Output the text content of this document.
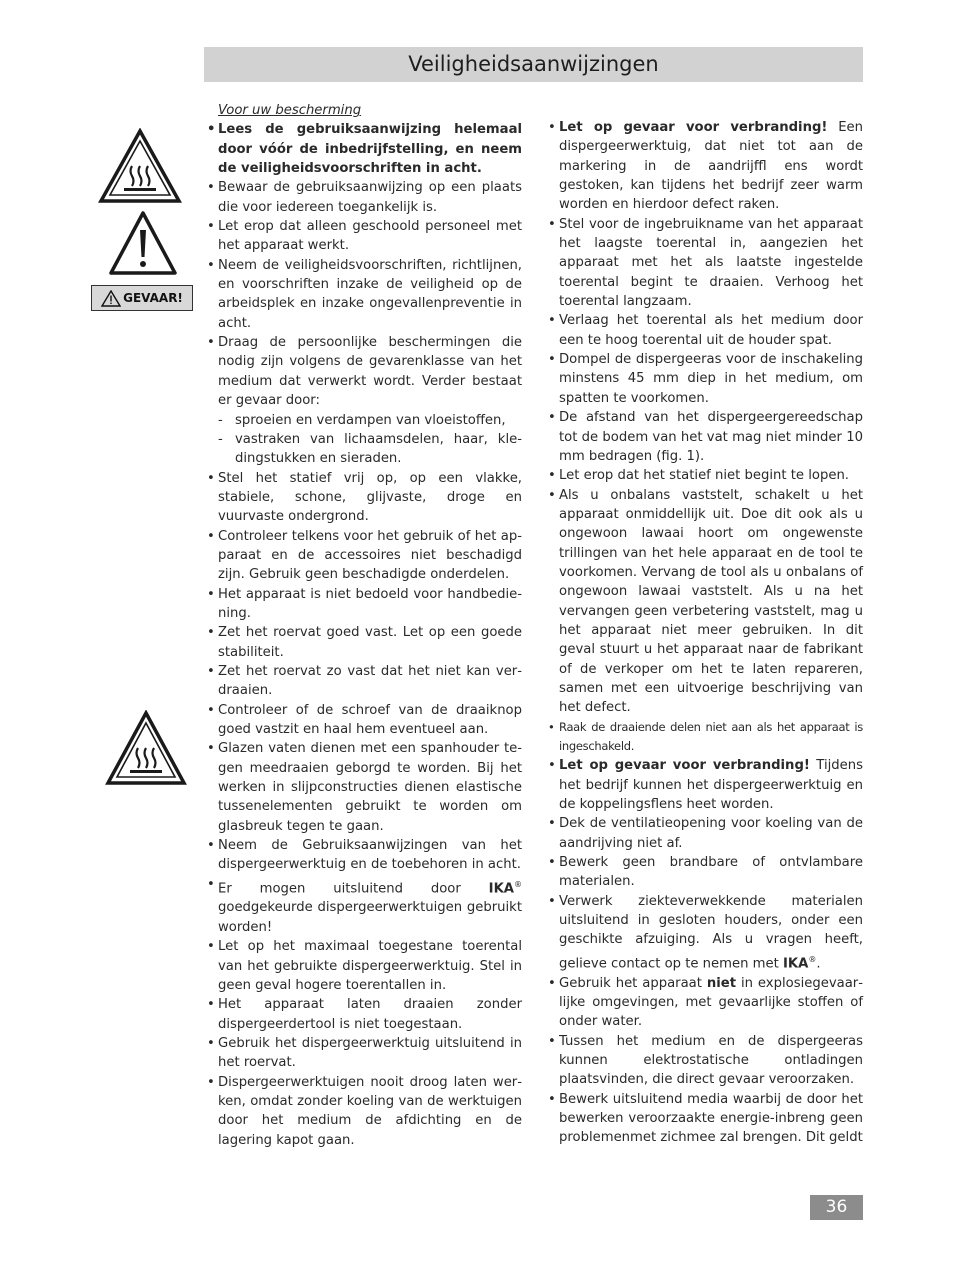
Veiligheidsaanwijzingen
GEVAAR!
Voor uw bescherming
• Lees de gebruiksaanwijzing helemaal door vóór de inbedrijfstelling, en neem de veiligheidsvoorschriften in acht.
• Bewaar de gebruiksaanwijzing op een plaats die voor iedereen toegankelijk is.
• Let erop dat alleen geschoold personeel met het apparaat werkt.
• Neem de veiligheidsvoorschriften, richtlijnen, en voorschriften inzake de veiligheid op de arbeidsplek en inzake ongevallenpreventie in acht.
• Draag de persoonlijke beschermingen die nodig zijn volgens de gevarenklasse van het medium dat verwerkt wordt. Verder bestaat er gevaar door:
- sproeien en verdampen van vloeistoffen,
- vastraken van lichaamsdelen, haar, kledingstukken en sieraden.
• Stel het statief vrij op, op een vlakke, stabiele, schone, glijvaste, droge en vuurvaste ondergrond.
• Controleer telkens voor het gebruik of het apparaat en de accessoires niet beschadigd zijn. Gebruik geen beschadigde onderdelen.
• Het apparaat is niet bedoeld voor handbediening.
• Zet het roervat goed vast. Let op een goede stabiliteit.
• Zet het roervat zo vast dat het niet kan verdraaien.
• Controleer of de schroef van de draaiknop goed vastzit en haal hem eventueel aan.
• Glazen vaten dienen met een spanhouder tegen meedraaien geborgd te worden. Bij het werken in slijpconstructies dienen elastische tussenelementen gebruikt te worden om glasbreuk tegen te gaan.
• Neem de Gebruiksaanwijzingen van het dispergeerwerktuig en de toebehoren in acht.
• Er mogen uitsluitend door IKA® goedgekeurde dispergeerwerktuigen gebruikt worden!
• Let op het maximaal toegestane toerental van het gebruikte dispergeerwerktuig. Stel in geen geval hogere toerentallen in.
• Het apparaat laten draaien zonder dispergeerdertool is niet toegestaan.
• Gebruik het dispergeerwerktuig uitsluitend in het roervat.
• Dispergeerwerktuigen nooit droog laten werken, omdat zonder koeling van de werktuigen door het medium de afdichting en de lagering kapot gaan.
• Let op gevaar voor verbranding! Een dispergeerwerktuig, dat niet tot aan de markering in de aandrijffl ens wordt gestoken, kan tijdens het bedrijf zeer warm worden en hierdoor defect raken.
• Stel voor de ingebruikname van het apparaat het laagste toerental in, aangezien het apparaat met het als laatste ingestelde toerental begint te draaien. Verhoog het toerental langzaam.
• Verlaag het toerental als het medium door een te hoog toerental uit de houder spat.
• Dompel de dispergeeras voor de inschakeling minstens 45 mm diep in het medium, om spatten te voorkomen.
• De afstand van het dispergeergereedschap tot de bodem van het vat mag niet minder 10 mm bedragen (fig. 1).
• Let erop dat het statief niet begint te lopen.
• Als u onbalans vaststelt, schakelt u het apparaat onmiddellijk uit. Doe dit ook als u ongewoon lawaai hoort om ongewenste trillingen van het hele apparaat en de tool te voorkomen. Vervang de tool als u onbalans of ongewoon lawaai vaststelt. Als u na het vervangen geen verbetering vaststelt, mag u het apparaat niet meer gebruiken. In dit geval stuurt u het apparaat naar de fabrikant of de verkoper om het te laten repareren, samen met een uitvoerige beschrijving van het defect.
• Raak de draaiende delen niet aan als het apparaat is ingeschakeld.
• Let op gevaar voor verbranding! Tijdens het bedrijf kunnen het dispergeerwerktuig en de koppelingsflens heet worden.
• Dek de ventilatieopening voor koeling van de aandrijving niet af.
• Bewerk geen brandbare of ontvlambare materialen.
• Verwerk ziekteverwekkende materialen uitsluitend in gesloten houders, onder een geschikte afzuiging. Als u vragen heeft, gelieve contact op te nemen met IKA®.
• Gebruik het apparaat niet in explosiegevaarlijke omgevingen, met gevaarlijke stoffen of onder water.
• Tussen het medium en de dispergeeras kunnen elektrostatische ontladingen plaatsvinden, die direct gevaar veroorzaken.
• Bewerk uitsluitend media waarbij de door het bewerken veroorzaakte energie-inbreng geen problemenmet zichmee zal brengen. Dit geldt
36
